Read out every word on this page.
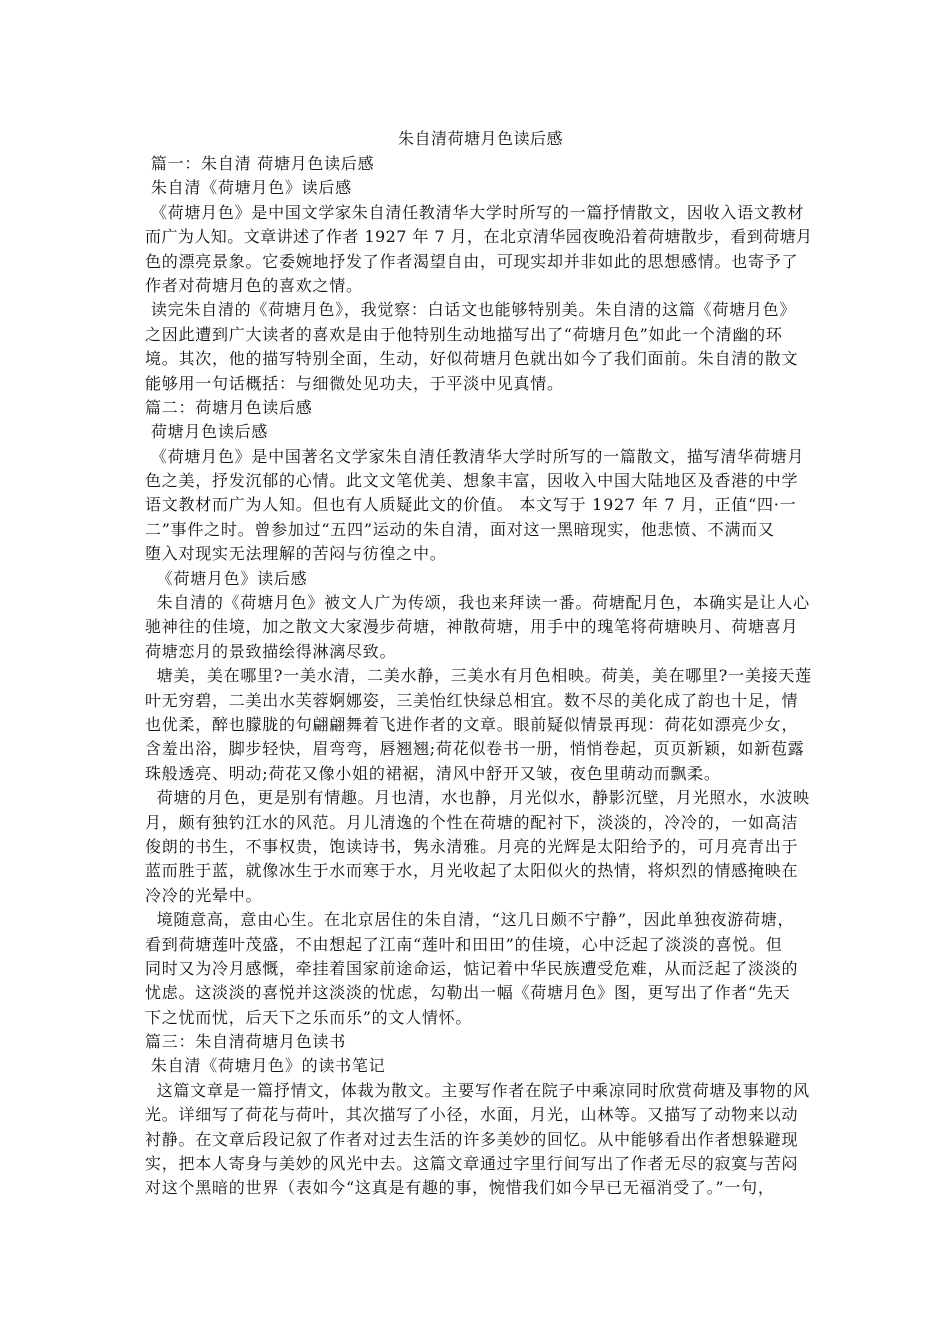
朱自清荷塘月色读后感
篇一：朱自清 荷塘月色读后感
朱自清《荷塘月色》读后感
《荷塘月色》是中国文学家朱自清任教清华大学时所写的一篇抒情散文，因收入语文教材
而广为人知。文章讲述了作者 1927 年 7 月，在北京清华园夜晚沿着荷塘散步，看到荷塘月
色的漂亮景象。它委婉地抒发了作者渴望自由，可现实却并非如此的思想感情。也寄予了
作者对荷塘月色的喜欢之情。
读完朱自清的《荷塘月色》，我觉察：白话文也能够特别美。朱自清的这篇《荷塘月色》
之因此遭到广大读者的喜欢是由于他特别生动地描写出了“荷塘月色”如此一个清幽的环
境。其次，他的描写特别全面，生动，好似荷塘月色就出如今了我们面前。朱自清的散文
能够用一句话概括：与细微处见功夫，于平淡中见真情。
篇二：荷塘月色读后感
荷塘月色读后感
《荷塘月色》是中国著名文学家朱自清任教清华大学时所写的一篇散文，描写清华荷塘月
色之美，抒发沉郁的心情。此文文笔优美、想象丰富，因收入中国大陆地区及香港的中学
语文教材而广为人知。但也有人质疑此文的价值。 本文写于 1927 年 7 月，正值“四·一
二”事件之时。曾参加过“五四”运动的朱自清，面对这一黑暗现实，他悲愤、不满而又
堕入对现实无法理解的苦闷与彷徨之中。
《荷塘月色》读后感
朱自清的《荷塘月色》被文人广为传颂，我也来拜读一番。荷塘配月色，本确实是让人心
驰神往的佳境，加之散文大家漫步荷塘，神散荷塘，用手中的瑰笔将荷塘映月、荷塘喜月
荷塘恋月的景致描绘得淋漓尽致。
塘美，美在哪里?一美水清，二美水静，三美水有月色相映。荷美，美在哪里?一美接天莲
叶无穷碧，二美出水芙蓉婀娜姿，三美怡红快绿总相宜。数不尽的美化成了韵也十足，情
也优柔，醉也朦胧的句翩翩舞着飞进作者的文章。眼前疑似情景再现：荷花如漂亮少女，
含羞出浴，脚步轻快，眉弯弯，唇翘翘;荷花似卷书一册，悄悄卷起，页页新颖，如新苞露
珠般透亮、明动;荷花又像小姐的裙裾，清风中舒开又皱，夜色里萌动而飘柔。
荷塘的月色，更是别有情趣。月也清，水也静，月光似水，静影沉壁，月光照水，水波映
月，颇有独钓江水的风范。月儿清逸的个性在荷塘的配衬下，淡淡的，冷冷的，一如高洁
俊朗的书生，不事权贵，饱读诗书，隽永清雅。月亮的光辉是太阳给予的，可月亮青出于
蓝而胜于蓝，就像冰生于水而寒于水，月光收起了太阳似火的热情，将炽烈的情感掩映在
冷冷的光晕中。
境随意高，意由心生。在北京居住的朱自清，“这几日颇不宁静”，因此单独夜游荷塘，
看到荷塘莲叶茂盛，不由想起了江南“莲叶和田田”的佳境，心中泛起了淡淡的喜悦。但
同时又为冷月感慨，牵挂着国家前途命运，惦记着中华民族遭受危难，从而泛起了淡淡的
忧虑。这淡淡的喜悦并这淡淡的忧虑，勾勒出一幅《荷塘月色》图，更写出了作者“先天
下之忧而忧，后天下之乐而乐”的文人情怀。
篇三：朱自清荷塘月色读书
朱自清《荷塘月色》的读书笔记
这篇文章是一篇抒情文，体裁为散文。主要写作者在院子中乘凉同时欣赏荷塘及事物的风
光。详细写了荷花与荷叶，其次描写了小径，水面，月光，山林等。又描写了动物来以动
衬静。在文章后段记叙了作者对过去生活的许多美妙的回忆。从中能够看出作者想躲避现
实，把本人寄身与美妙的风光中去。这篇文章通过字里行间写出了作者无尽的寂寞与苦闷
对这个黑暗的世界（表如今“这真是有趣的事，惋惜我们如今早已无福消受了。”一句，
